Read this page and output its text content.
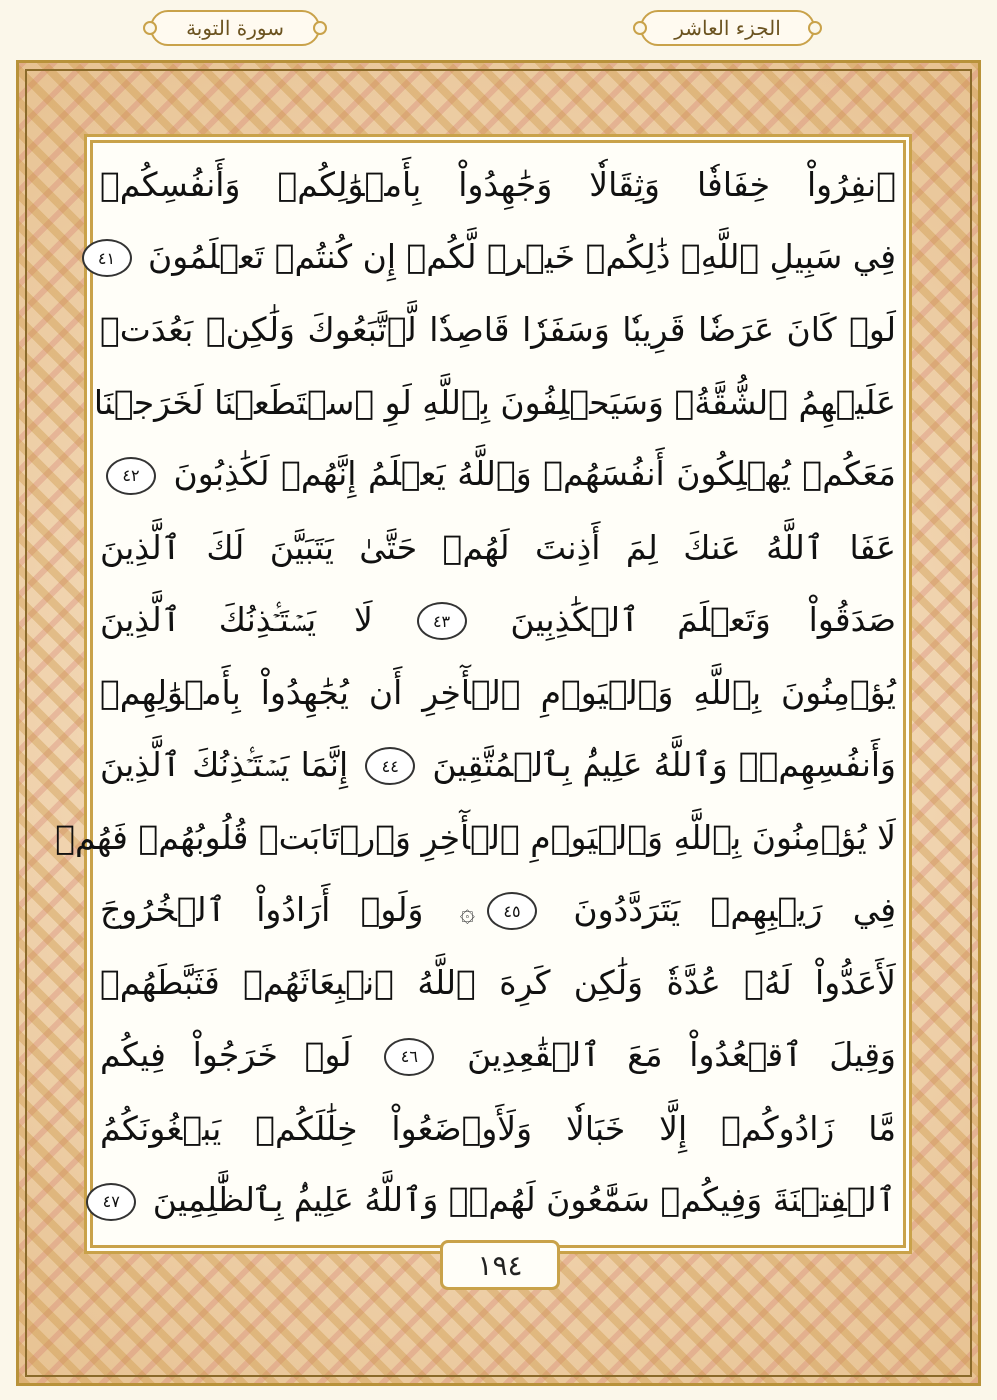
سورة التوبة	الجزء العاشر
ٱنفِرُواْ خِفَافٗا وَثِقَالٗا وَجَٰهِدُواْ بِأَمۡوَٰلِكُمۡ وَأَنفُسِكُمۡ
فِي سَبِيلِ ٱللَّهِۚ ذَٰلِكُمۡ خَيۡرٞ لَّكُمۡ إِن كُنتُمۡ تَعۡلَمُونَ ٤١
لَوۡ كَانَ عَرَضٗا قَرِيبٗا وَسَفَرٗا قَاصِدٗا لَّٱتَّبَعُوكَ وَلَٰكِنۢ بَعُدَتۡ
عَلَيۡهِمُ ٱلشُّقَّةُۚ وَسَيَحۡلِفُونَ بِٱللَّهِ لَوِ ٱسۡتَطَعۡنَا لَخَرَجۡنَا
مَعَكُمۡ يُهۡلِكُونَ أَنفُسَهُمۡ وَٱللَّهُ يَعۡلَمُ إِنَّهُمۡ لَكَٰذِبُونَ ٤٢
عَفَا ٱللَّهُ عَنكَ لِمَ أَذِنتَ لَهُمۡ حَتَّىٰ يَتَبَيَّنَ لَكَ ٱلَّذِينَ
صَدَقُواْ وَتَعۡلَمَ ٱلۡكَٰذِبِينَ ٤٣ لَا يَسۡتَـٔۡذِنُكَ ٱلَّذِينَ
يُؤۡمِنُونَ بِٱللَّهِ وَٱلۡيَوۡمِ ٱلۡأٓخِرِ أَن يُجَٰهِدُواْ بِأَمۡوَٰلِهِمۡ
وَأَنفُسِهِمۡۗ وَٱللَّهُ عَلِيمُۢ بِٱلۡمُتَّقِينَ ٤٤ إِنَّمَا يَسۡتَـٔۡذِنُكَ ٱلَّذِينَ
لَا يُؤۡمِنُونَ بِٱللَّهِ وَٱلۡيَوۡمِ ٱلۡأٓخِرِ وَٱرۡتَابَتۡ قُلُوبُهُمۡ فَهُمۡ
فِي رَيۡبِهِمۡ يَتَرَدَّدُونَ ٤٥۞ وَلَوۡ أَرَادُواْ ٱلۡخُرُوجَ
لَأَعَدُّواْ لَهُۥ عُدَّةٗ وَلَٰكِن كَرِهَ ٱللَّهُ ٱنۢبِعَاثَهُمۡ فَثَبَّطَهُمۡ
وَقِيلَ ٱقۡعُدُواْ مَعَ ٱلۡقَٰعِدِينَ ٤٦ لَوۡ خَرَجُواْ فِيكُم
مَّا زَادُوكُمۡ إِلَّا خَبَالٗا وَلَأَوۡضَعُواْ خِلَٰلَكُمۡ يَبۡغُونَكُمُ
ٱلۡفِتۡنَةَ وَفِيكُمۡ سَمَّٰعُونَ لَهُمۡۗ وَٱللَّهُ عَلِيمُۢ بِٱلظَّٰلِمِينَ ٤٧
١٩٤
